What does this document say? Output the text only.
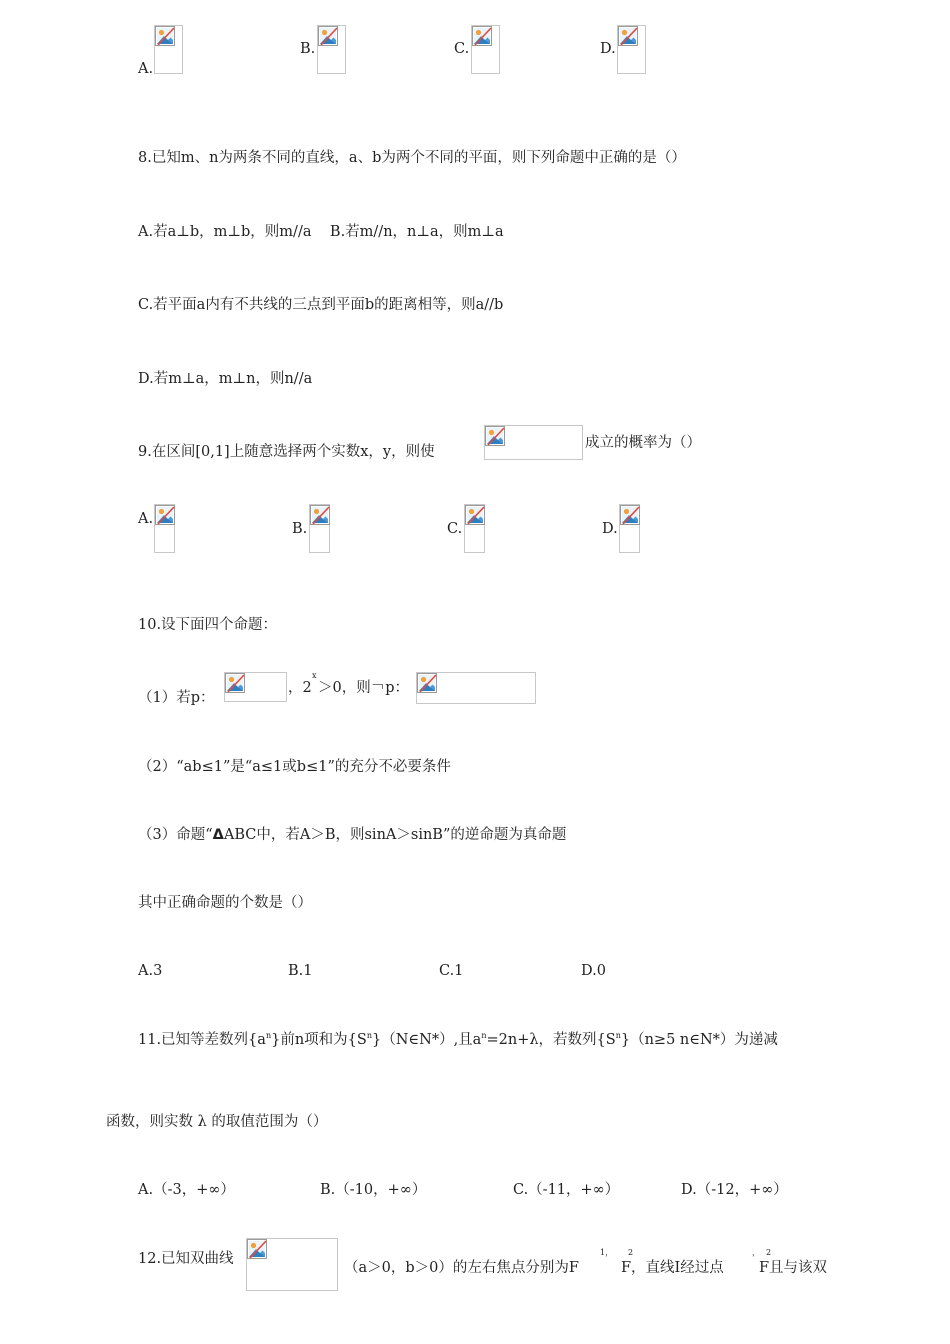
A.
B.	C.	D.
8.已知m、n为两条不同的直线，a、b为两个不同的平面，则下列命题中正确的是（）
A.若a⊥b，m⊥b，则m//a    B.若m//n，n⊥a，则m⊥a
C.若平面a内有不共线的三点到平面b的距离相等，则a//b
D.若m⊥a，m⊥n，则n//a
9.在区间[0,1]上随意选择两个实数x，y，则使
成立的概率为（）
A.
B.	C.	D.
10.设下面四个命题：
（1）若p：
，2
x
＞0，则￢p：
（2）“ab≤1”是“a≤1或b≤1”的充分不必要条件
（3）命题“ΔABC中，若A＞B，则sinA＞sinB”的逆命题为真命题
其中正确命题的个数是（）
A.3	B.1	C.1	D.0
11.已知等差数列$\{a^n\}$前n项和为$\{S^n\}(N\in N*)$,且$a^n=2n+\lambda$，若数列$\{S^n\}(n\ge 5$ n∈N*）为递减
函数，则实数 λ 的取值范围为（）
A.（-3，+∞）	B.（-10，+∞）	C.（-11，+∞）	D.（-12，+∞）
12.已知双曲线
（a＞0，b＞0）的左右焦点分别为F
1， 2
F，直线I经过点
， 2
F且与该双
